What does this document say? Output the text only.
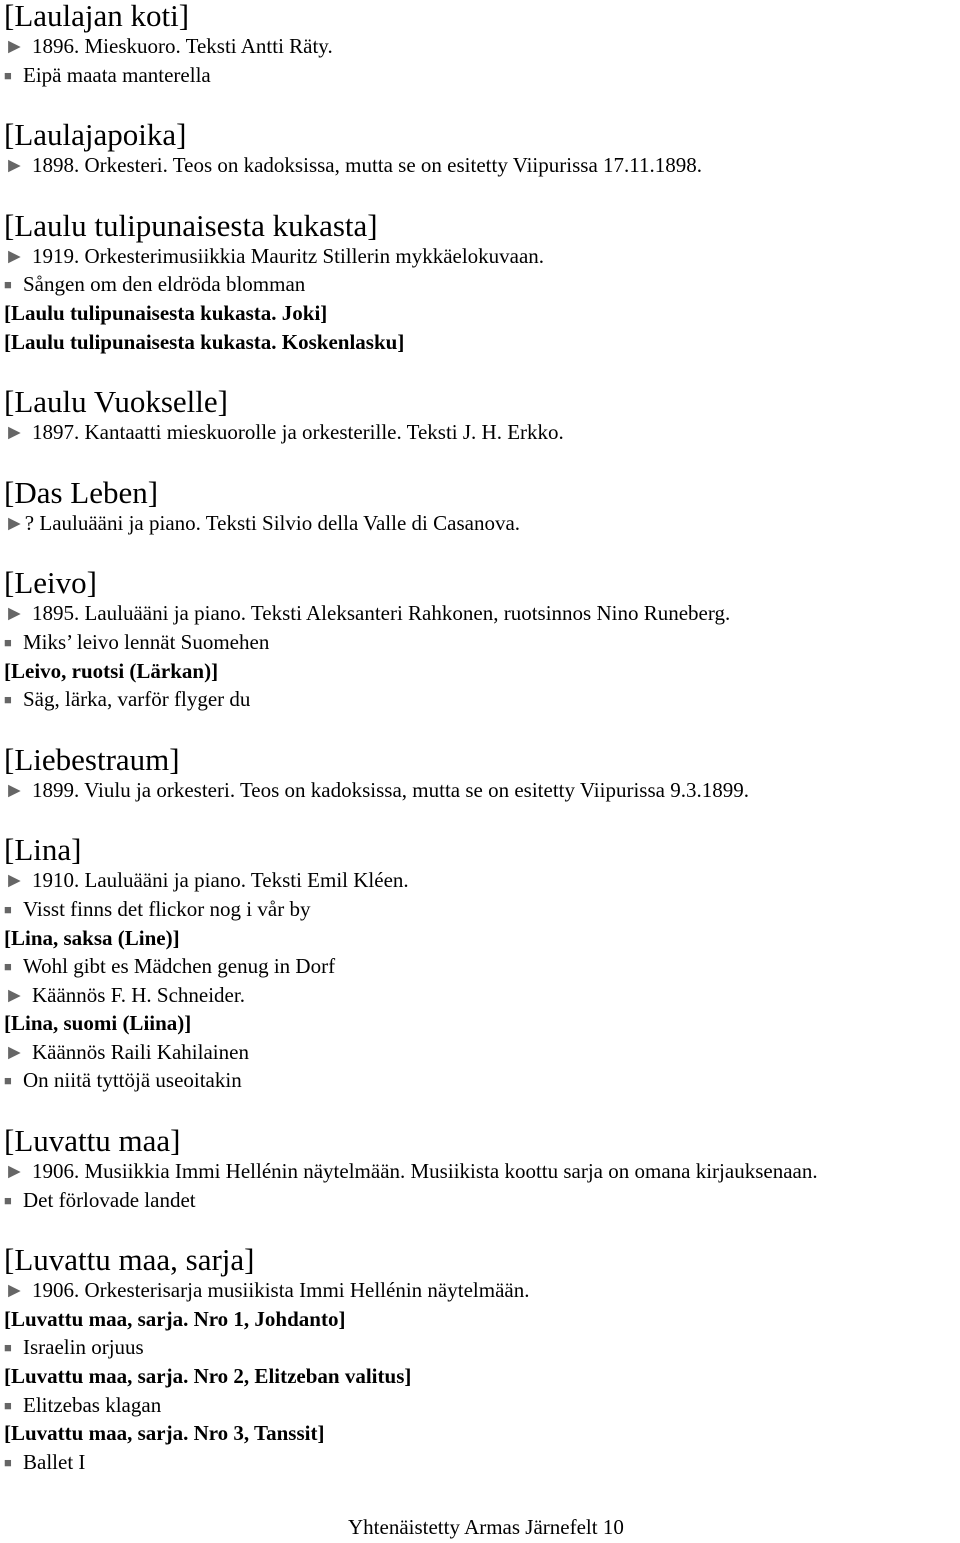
[Laulajan koti]
► 1896. Mieskuoro. Teksti Antti Räty.
■ Eipä maata manterella
[Laulajapoika]
► 1898. Orkesteri. Teos on kadoksissa, mutta se on esitetty Viipurissa 17.11.1898.
[Laulu tulipunaisesta kukasta]
► 1919. Orkesterimusiikkia Mauritz Stillerin mykkäelokuvaan.
■ Sången om den eldröda blomman
[Laulu tulipunaisesta kukasta. Joki]
[Laulu tulipunaisesta kukasta. Koskenlasku]
[Laulu Vuokselle]
► 1897. Kantaatti mieskuorolle ja orkesterille. Teksti J. H. Erkko.
[Das Leben]
►? Lauluääni ja piano. Teksti Silvio della Valle di Casanova.
[Leivo]
► 1895. Lauluääni ja piano. Teksti Aleksanteri Rahkonen, ruotsinnos Nino Runeberg.
■ Miks’ leivo lennät Suomehen
[Leivo, ruotsi (Lärkan)]
■ Säg, lärka, varför flyger du
[Liebestraum]
► 1899. Viulu ja orkesteri. Teos on kadoksissa, mutta se on esitetty Viipurissa 9.3.1899.
[Lina]
► 1910. Lauluääni ja piano. Teksti Emil Kléen.
■ Visst finns det flickor nog i vår by
[Lina, saksa (Line)]
■ Wohl gibt es Mädchen genug in Dorf
► Käännös F. H. Schneider.
[Lina, suomi (Liina)]
► Käännös Raili Kahilainen
■ On niitä tyttöjä useoitakin
[Luvattu maa]
► 1906. Musiikkia Immi Hellénin näytelmään. Musiikista koottu sarja on omana kirjauksenaan.
■ Det förlovade landet
[Luvattu maa, sarja]
► 1906. Orkesterisarja musiikista Immi Hellénin näytelmään.
[Luvattu maa, sarja. Nro 1, Johdanto]
■ Israelin orjuus
[Luvattu maa, sarja. Nro 2, Elitzeban valitus]
■ Elitzebas klagan
[Luvattu maa, sarja. Nro 3, Tanssit]
■ Ballet I
Yhtenäistetty Armas Järnefelt 10
